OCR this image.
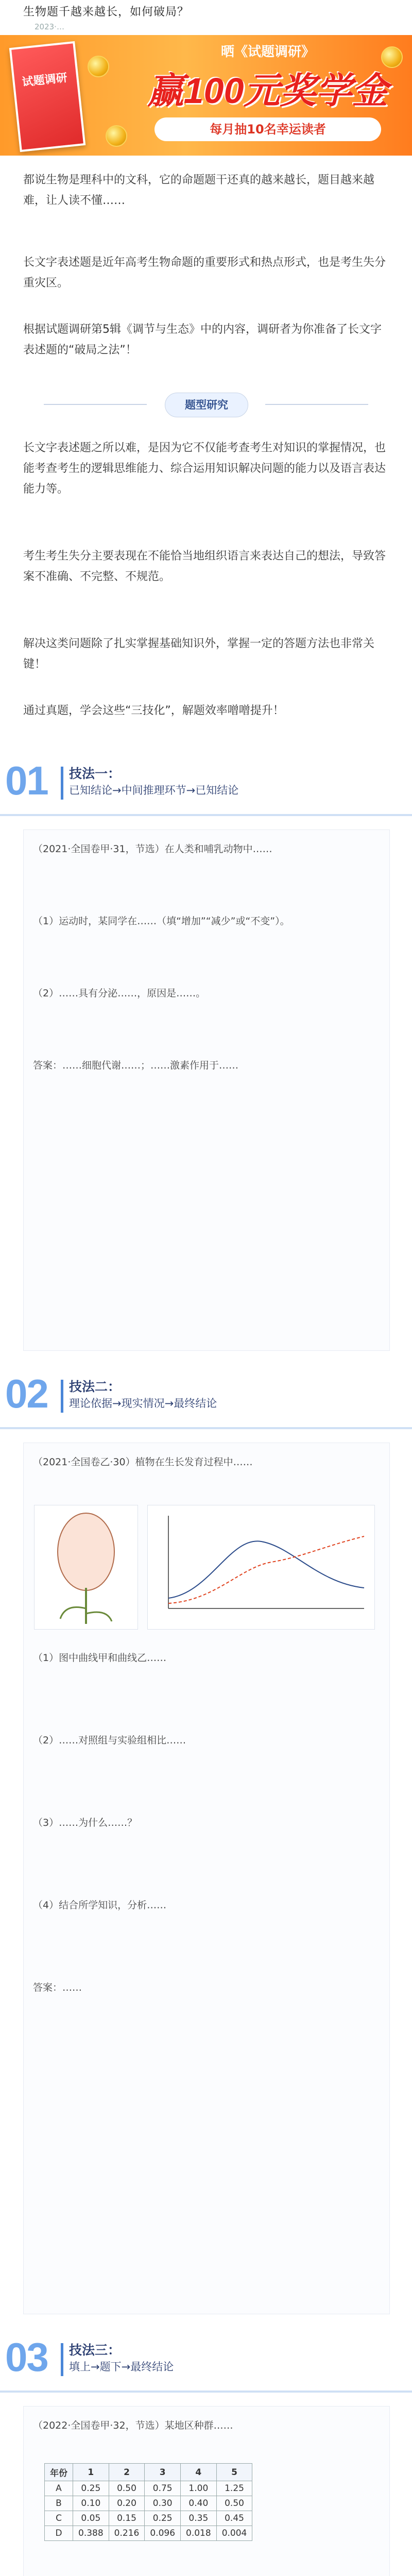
生物题千越来越长，如何破局？
2023·…
试题调研
晒《试题调研》
赢100元奖学金
每月抽10名幸运读者
都说生物是理科中的文科，它的命题题干还真的越来越长，题目越来越难，让人读不懂……
长文字表述题是近年高考生物命题的重要形式和热点形式，也是考生失分重灾区。
根据试题调研第5辑《调节与生态》中的内容，调研者为你准备了长文字表述题的“破局之法”！
题型研究
长文字表述题之所以难，是因为它不仅能考查考生对知识的掌握情况，也能考查考生的逻辑思维能力、综合运用知识解决问题的能力以及语言表达能力等。
考生考生失分主要表现在不能恰当地组织语言来表达自己的想法，导致答案不准确、不完整、不规范。
解决这类问题除了扎实掌握基础知识外，掌握一定的答题方法也非常关键！
通过真题，学会这些“三技化”，解题效率噌噌提升！
01 技法一：
已知结论→中间推理环节→已知结论
（2021·全国卷甲·31，节选）在人类和哺乳动物中……
（1）运动时，某同学在……（填“增加”“减少”或“不变”）。
（2）……具有分泌……，原因是……。
答案：……细胞代谢……；……激素作用于……
02 技法二：
理论依据→现实情况→最终结论
（2021·全国卷乙·30）植物在生长发育过程中……
（1）图中曲线甲和曲线乙……
（2）……对照组与实验组相比……
（3）……为什么……？
（4）结合所学知识，分析……
答案：……
03 技法三：
填上→题下→最终结论
（2022·全国卷甲·32，节选）某地区种群……
年份	1	2	3	4	5
A	0.25	0.50	0.75	1.00	1.25
B	0.10	0.20	0.30	0.40	0.50
C	0.05	0.15	0.25	0.35	0.45
D	0.388	0.216	0.096	0.018	0.004
